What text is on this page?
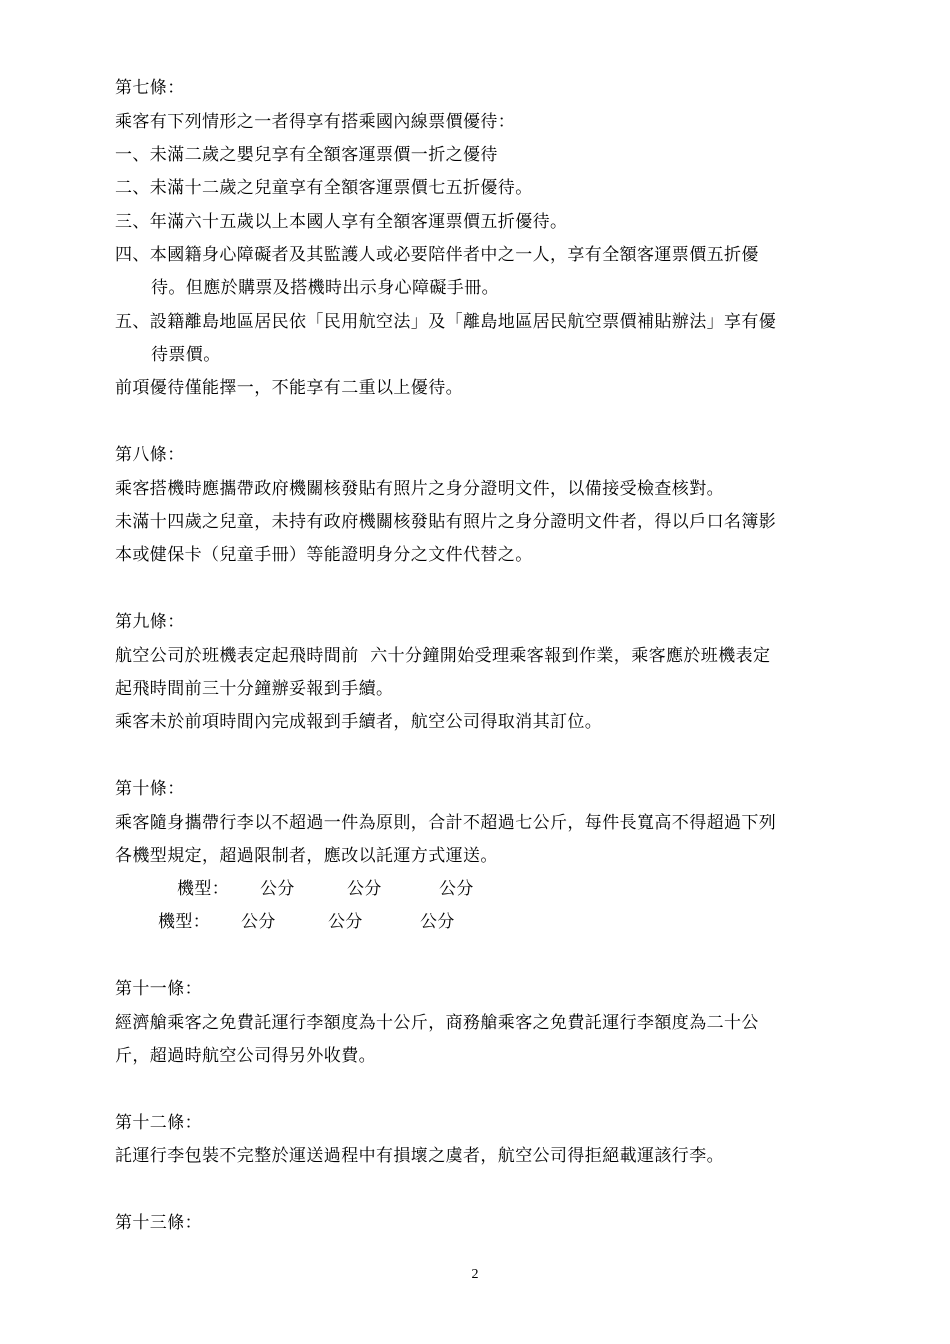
第七條：
乘客有下列情形之一者得享有搭乘國內線票價優待：
一、未滿二歲之嬰兒享有全額客運票價一折之優待
二、未滿十二歲之兒童享有全額客運票價七五折優待。
三、年滿六十五歲以上本國人享有全額客運票價五折優待。
四、本國籍身心障礙者及其監護人或必要陪伴者中之一人，享有全額客運票價五折優
待。但應於購票及搭機時出示身心障礙手冊。
五、設籍離島地區居民依「民用航空法」及「離島地區居民航空票價補貼辦法」享有優
待票價。
前項優待僅能擇一，不能享有二重以上優待。
第八條：
乘客搭機時應攜帶政府機關核發貼有照片之身分證明文件，以備接受檢查核對。
未滿十四歲之兒童，未持有政府機關核發貼有照片之身分證明文件者，得以戶口名簿影
本或健保卡（兒童手冊）等能證明身分之文件代替之。
第九條：
航空公司於班機表定起飛時間前  六十分鐘開始受理乘客報到作業，乘客應於班機表定
起飛時間前三十分鐘辦妥報到手續。
乘客未於前項時間內完成報到手續者，航空公司得取消其訂位。
第十條：
乘客隨身攜帶行李以不超過一件為原則，合計不超過七公斤，每件長寬高不得超過下列
各機型規定，超過限制者，應改以託運方式運送。
機型： 公分	公分	公分
機型： 公分	公分	公分
第十一條：
經濟艙乘客之免費託運行李額度為十公斤，商務艙乘客之免費託運行李額度為二十公
斤，超過時航空公司得另外收費。
第十二條：
託運行李包裝不完整於運送過程中有損壞之虞者，航空公司得拒絕載運該行李。
第十三條：
2
